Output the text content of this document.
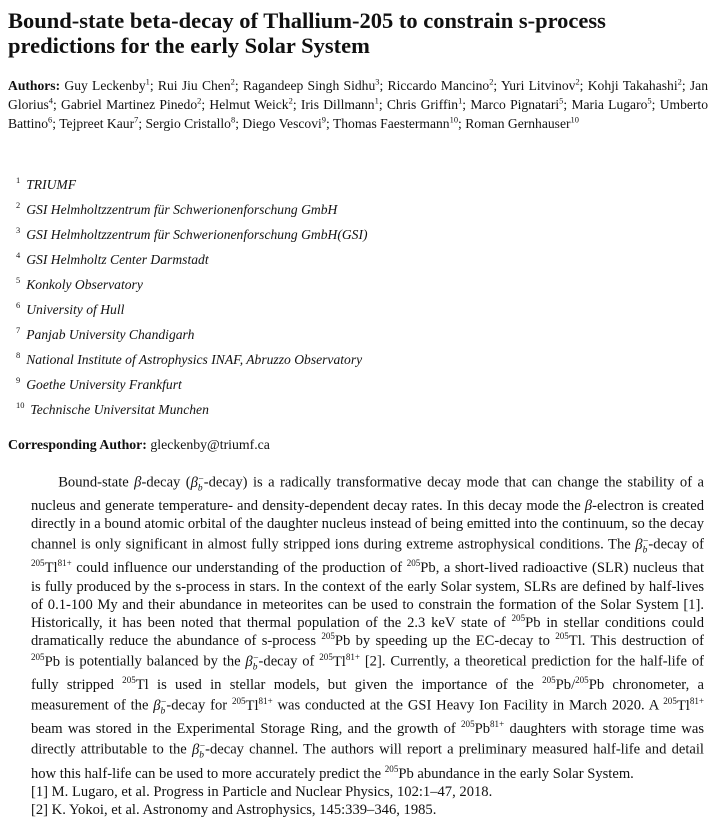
Bound-state beta-decay of Thallium-205 to constrain s-process predictions for the early Solar System
Authors: Guy Leckenby$^1$; Rui Jiu Chen$^2$; Ragandeep Singh Sidhu$^3$; Riccardo Mancino$^2$; Yuri Litvinov$^2$; Kohji Takahashi$^2$; Jan Glorius$^4$; Gabriel Martinez Pinedo$^2$; Helmut Weick$^2$; Iris Dillmann$^1$; Chris Griffin$^1$; Marco Pignatari$^5$; Maria Lugaro$^5$; Umberto Battino$^6$; Tejpreet Kaur$^7$; Sergio Cristallo$^8$; Diego Vescovi$^9$; Thomas Faestermann$^{10}$; Roman Gernhauser$^{10}$
$^1$ TRIUMF
$^2$ GSI Helmholtzzentrum für Schwerionenforschung GmbH
$^3$ GSI Helmholtzzentrum für Schwerionenforschung GmbH(GSI)
$^4$ GSI Helmholtz Center Darmstadt
$^5$ Konkoly Observatory
$^6$ University of Hull
$^7$ Panjab University Chandigarh
$^8$ National Institute of Astrophysics INAF, Abruzzo Observatory
$^9$ Goethe University Frankfurt
$^{10}$ Technische Universitat Munchen
Corresponding Author: gleckenby@triumf.ca

Bound-state β-decay $(\beta_b^--decay)$ is a radically transformative decay mode that can change the stability of a nucleus and generate temperature- and density-dependent decay rates. In this decay mode the β-electron is created directly in a bound atomic orbital of the daughter nucleus instead of being emitted into the continuum, so the decay channel is only significant in almost fully stripped ions during extreme astrophysical conditions. The $\beta_b^-$-decay of $^{205}Tl^{81+}$ could influence our understanding of the production of $^{205}$Pb, a short-lived radioactive (SLR) nucleus that is fully produced by the s-process in stars. In the context of the early Solar system, SLRs are defined by half-lives of 0.1-100 My and their abundance in meteorites can be used to constrain the formation of the Solar System [1]. Historically, it has been noted that thermal population of the 2.3 keV state of $^{205}$Pb in stellar conditions could dramatically reduce the abundance of s-process $^{205}$Pb by speeding up the EC-decay to $^{205}$Tl. This destruction of $^{205}$Pb is potentially balanced by the $\beta_b^-$-decay of $^{205}Tl^{81+}$ [2]. Currently, a theoretical prediction for the half-life of fully stripped $^{205}$Tl is used in stellar models, but given the importance of the $^{205}$Pb/$^{205}$Pb chronometer, a measurement of the $\beta_b^-$-decay for $^{205}Tl^{81+}$ was conducted at the GSI Heavy Ion Facility in March 2020. A $^{205}Tl^{81+}$ beam was stored in the Experimental Storage Ring, and the growth of $^{205}Pb^{81+}$ daughters with storage time was directly attributable to the $\beta_b^-$-decay channel. The authors will report a preliminary measured half-life and detail how this half-life can be used to more accurately predict the $^{205}$Pb abundance in the early Solar System.

[1] M. Lugaro, et al. Progress in Particle and Nuclear Physics, 102:1–47, 2018.

[2] K. Yokoi, et al. Astronomy and Astrophysics, 145:339–346, 1985.
